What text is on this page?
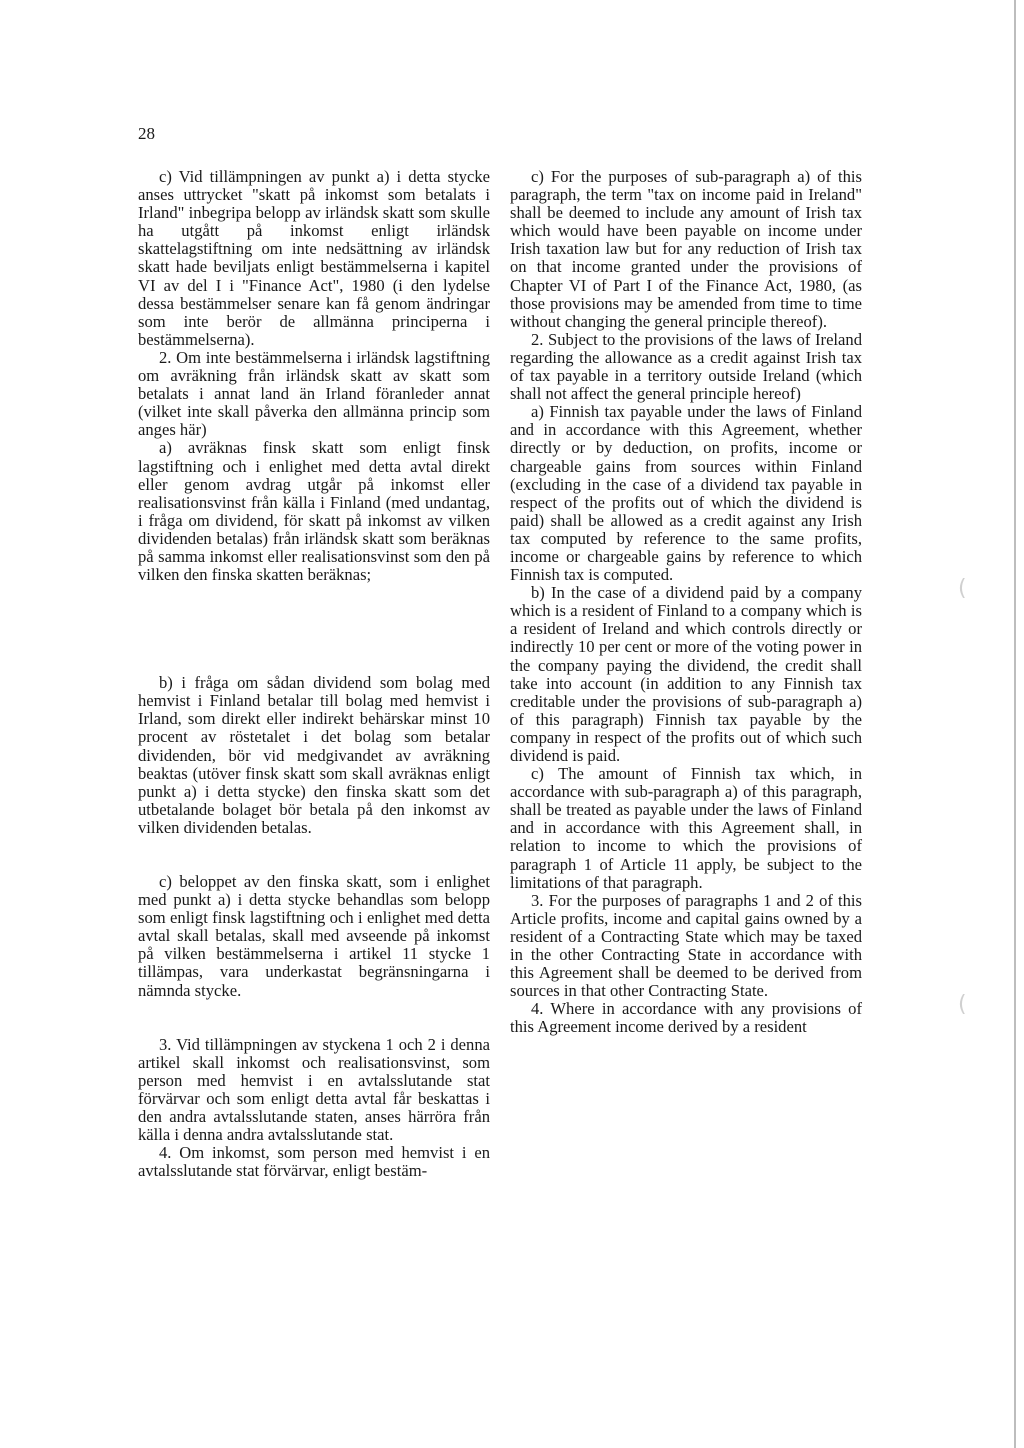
28

c) Vid tillämpningen av punkt a) i detta stycke anses uttrycket "skatt på inkomst som betalats i Irland" inbegripa belopp av irländsk skatt som skulle ha utgått på inkomst enligt irländsk skattelagstiftning om inte nedsättning av irländsk skatt hade beviljats enligt bestämmelserna i kapitel VI av del I i "Finance Act", 1980 (i den lydelse dessa bestämmelser senare kan få genom ändringar som inte berör de allmänna principerna i bestämmelserna).

2. Om inte bestämmelserna i irländsk lagstiftning om avräkning från irländsk skatt av skatt som betalats i annat land än Irland föranleder annat (vilket inte skall påverka den allmänna princip som anges här)

a) avräknas finsk skatt som enligt finsk lagstiftning och i enlighet med detta avtal direkt eller genom avdrag utgår på inkomst eller realisationsvinst från källa i Finland (med undantag, i fråga om dividend, för skatt på inkomst av vilken dividenden betalas) från irländsk skatt som beräknas på samma inkomst eller realisationsvinst som den på vilken den finska skatten beräknas;

b) i fråga om sådan dividend som bolag med hemvist i Finland betalar till bolag med hemvist i Irland, som direkt eller indirekt behärskar minst 10 procent av röstetalet i det bolag som betalar dividenden, bör vid medgivandet av avräkning beaktas (utöver finsk skatt som skall avräknas enligt punkt a) i detta stycke) den finska skatt som det utbetalande bolaget bör betala på den inkomst av vilken dividenden betalas.

c) beloppet av den finska skatt, som i enlighet med punkt a) i detta stycke behandlas som belopp som enligt finsk lagstiftning och i enlighet med detta avtal skall betalas, skall med avseende på inkomst på vilken bestämmelserna i artikel 11 stycke 1 tillämpas, vara underkastat begränsningarna i nämnda stycke.

3. Vid tillämpningen av styckena 1 och 2 i denna artikel skall inkomst och realisationsvinst, som person med hemvist i en avtalsslutande stat förvärvar och som enligt detta avtal får beskattas i den andra avtalsslutande staten, anses härröra från källa i denna andra avtalsslutande stat.

4. Om inkomst, som person med hemvist i en avtalsslutande stat förvärvar, enligt bestäm-

c) For the purposes of sub-paragraph a) of this paragraph, the term "tax on income paid in Ireland" shall be deemed to include any amount of Irish tax which would have been payable on income under Irish taxation law but for any reduction of Irish tax on that income granted under the provisions of Chapter VI of Part I of the Finance Act, 1980, (as those provisions may be amended from time to time without changing the general principle thereof).

2. Subject to the provisions of the laws of Ireland regarding the allowance as a credit against Irish tax of tax payable in a territory outside Ireland (which shall not affect the general principle hereof)

a) Finnish tax payable under the laws of Finland and in accordance with this Agreement, whether directly or by deduction, on profits, income or chargeable gains from sources within Finland (excluding in the case of a dividend tax payable in respect of the profits out of which the dividend is paid) shall be allowed as a credit against any Irish tax computed by reference to the same profits, income or chargeable gains by reference to which Finnish tax is computed.

b) In the case of a dividend paid by a company which is a resident of Finland to a company which is a resident of Ireland and which controls directly or indirectly 10 per cent or more of the voting power in the company paying the dividend, the credit shall take into account (in addition to any Finnish tax creditable under the provisions of sub-paragraph a) of this paragraph) Finnish tax payable by the company in respect of the profits out of which such dividend is paid.

c) The amount of Finnish tax which, in accordance with sub-paragraph a) of this paragraph, shall be treated as payable under the laws of Finland and in accordance with this Agreement shall, in relation to income to which the provisions of paragraph 1 of Article 11 apply, be subject to the limitations of that paragraph.

3. For the purposes of paragraphs 1 and 2 of this Article profits, income and capital gains owned by a resident of a Contracting State which may be taxed in the other Contracting State in accordance with this Agreement shall be deemed to be derived from sources in that other Contracting State.

4. Where in accordance with any provisions of this Agreement income derived by a resident

(
(
